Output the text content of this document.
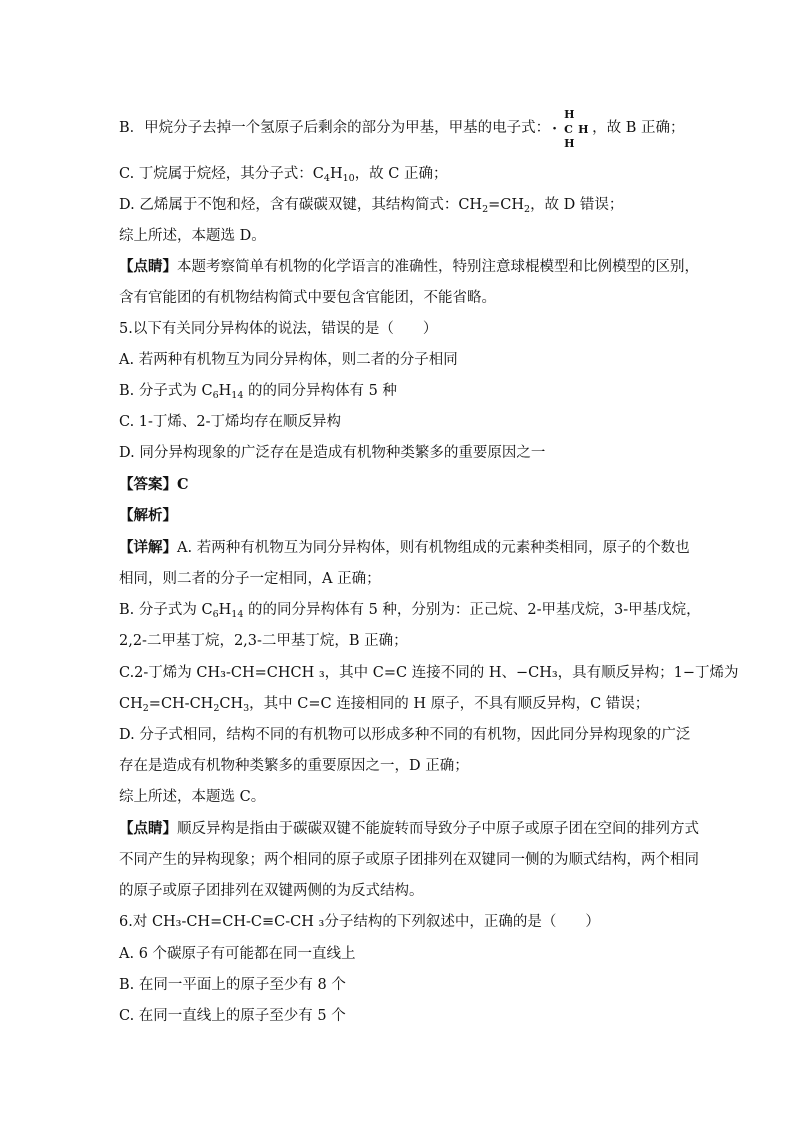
B．甲烷分子去掉一个氢原子后剩余的部分为甲基，甲基的电子式：
H
· C H
H
，故 B 正确；
C. 丁烷属于烷烃，其分子式：$C_4H_{10}$，故 C 正确；
D. 乙烯属于不饱和烃，含有碳碳双键，其结构简式：$CH_2=CH_2$，故 D 错误；
综上所述，本题选 D。
【点睛】本题考察简单有机物的化学语言的准确性，特别注意球棍模型和比例模型的区别，
含有官能团的有机物结构简式中要包含官能团，不能省略。
5.以下有关同分异构体的说法，错误的是（　　）
A. 若两种有机物互为同分异构体，则二者的分子相同
B. 分子式为 $C_6H_{14}$ 的的同分异构体有 5 种
C. 1-丁烯、2-丁烯均存在顺反异构
D. 同分异构现象的广泛存在是造成有机物种类繁多的重要原因之一
【答案】C
【解析】
【详解】A. 若两种有机物互为同分异构体，则有机物组成的元素种类相同，原子的个数也
相同，则二者的分子一定相同，A 正确；
B. 分子式为 $C_6H_{14}$ 的的同分异构体有 5 种，分别为：正己烷、2-甲基戊烷，3-甲基戊烷，
2,2-二甲基丁烷，2,3-二甲基丁烷，B 正确；
C.2-丁烯为 CH₃-CH=CHCH ₃，其中 C=C 连接不同的 H、−CH₃，具有顺反异构；1−丁烯为
$CH_2=CH-CH_2CH_3$，其中 C=C 连接相同的 H 原子，不具有顺反异构，C 错误；
D. 分子式相同，结构不同的有机物可以形成多种不同的有机物，因此同分异构现象的广泛
存在是造成有机物种类繁多的重要原因之一，D 正确；
综上所述，本题选 C。
【点睛】顺反异构是指由于碳碳双键不能旋转而导致分子中原子或原子团在空间的排列方式
不同产生的异构现象；两个相同的原子或原子团排列在双键同一侧的为顺式结构，两个相同
的原子或原子团排列在双键两侧的为反式结构。
6.对 CH₃-CH=CH-C≡C-CH ₃分子结构的下列叙述中，正确的是（　　）
A. 6 个碳原子有可能都在同一直线上
B. 在同一平面上的原子至少有 8 个
C. 在同一直线上的原子至少有 5 个
